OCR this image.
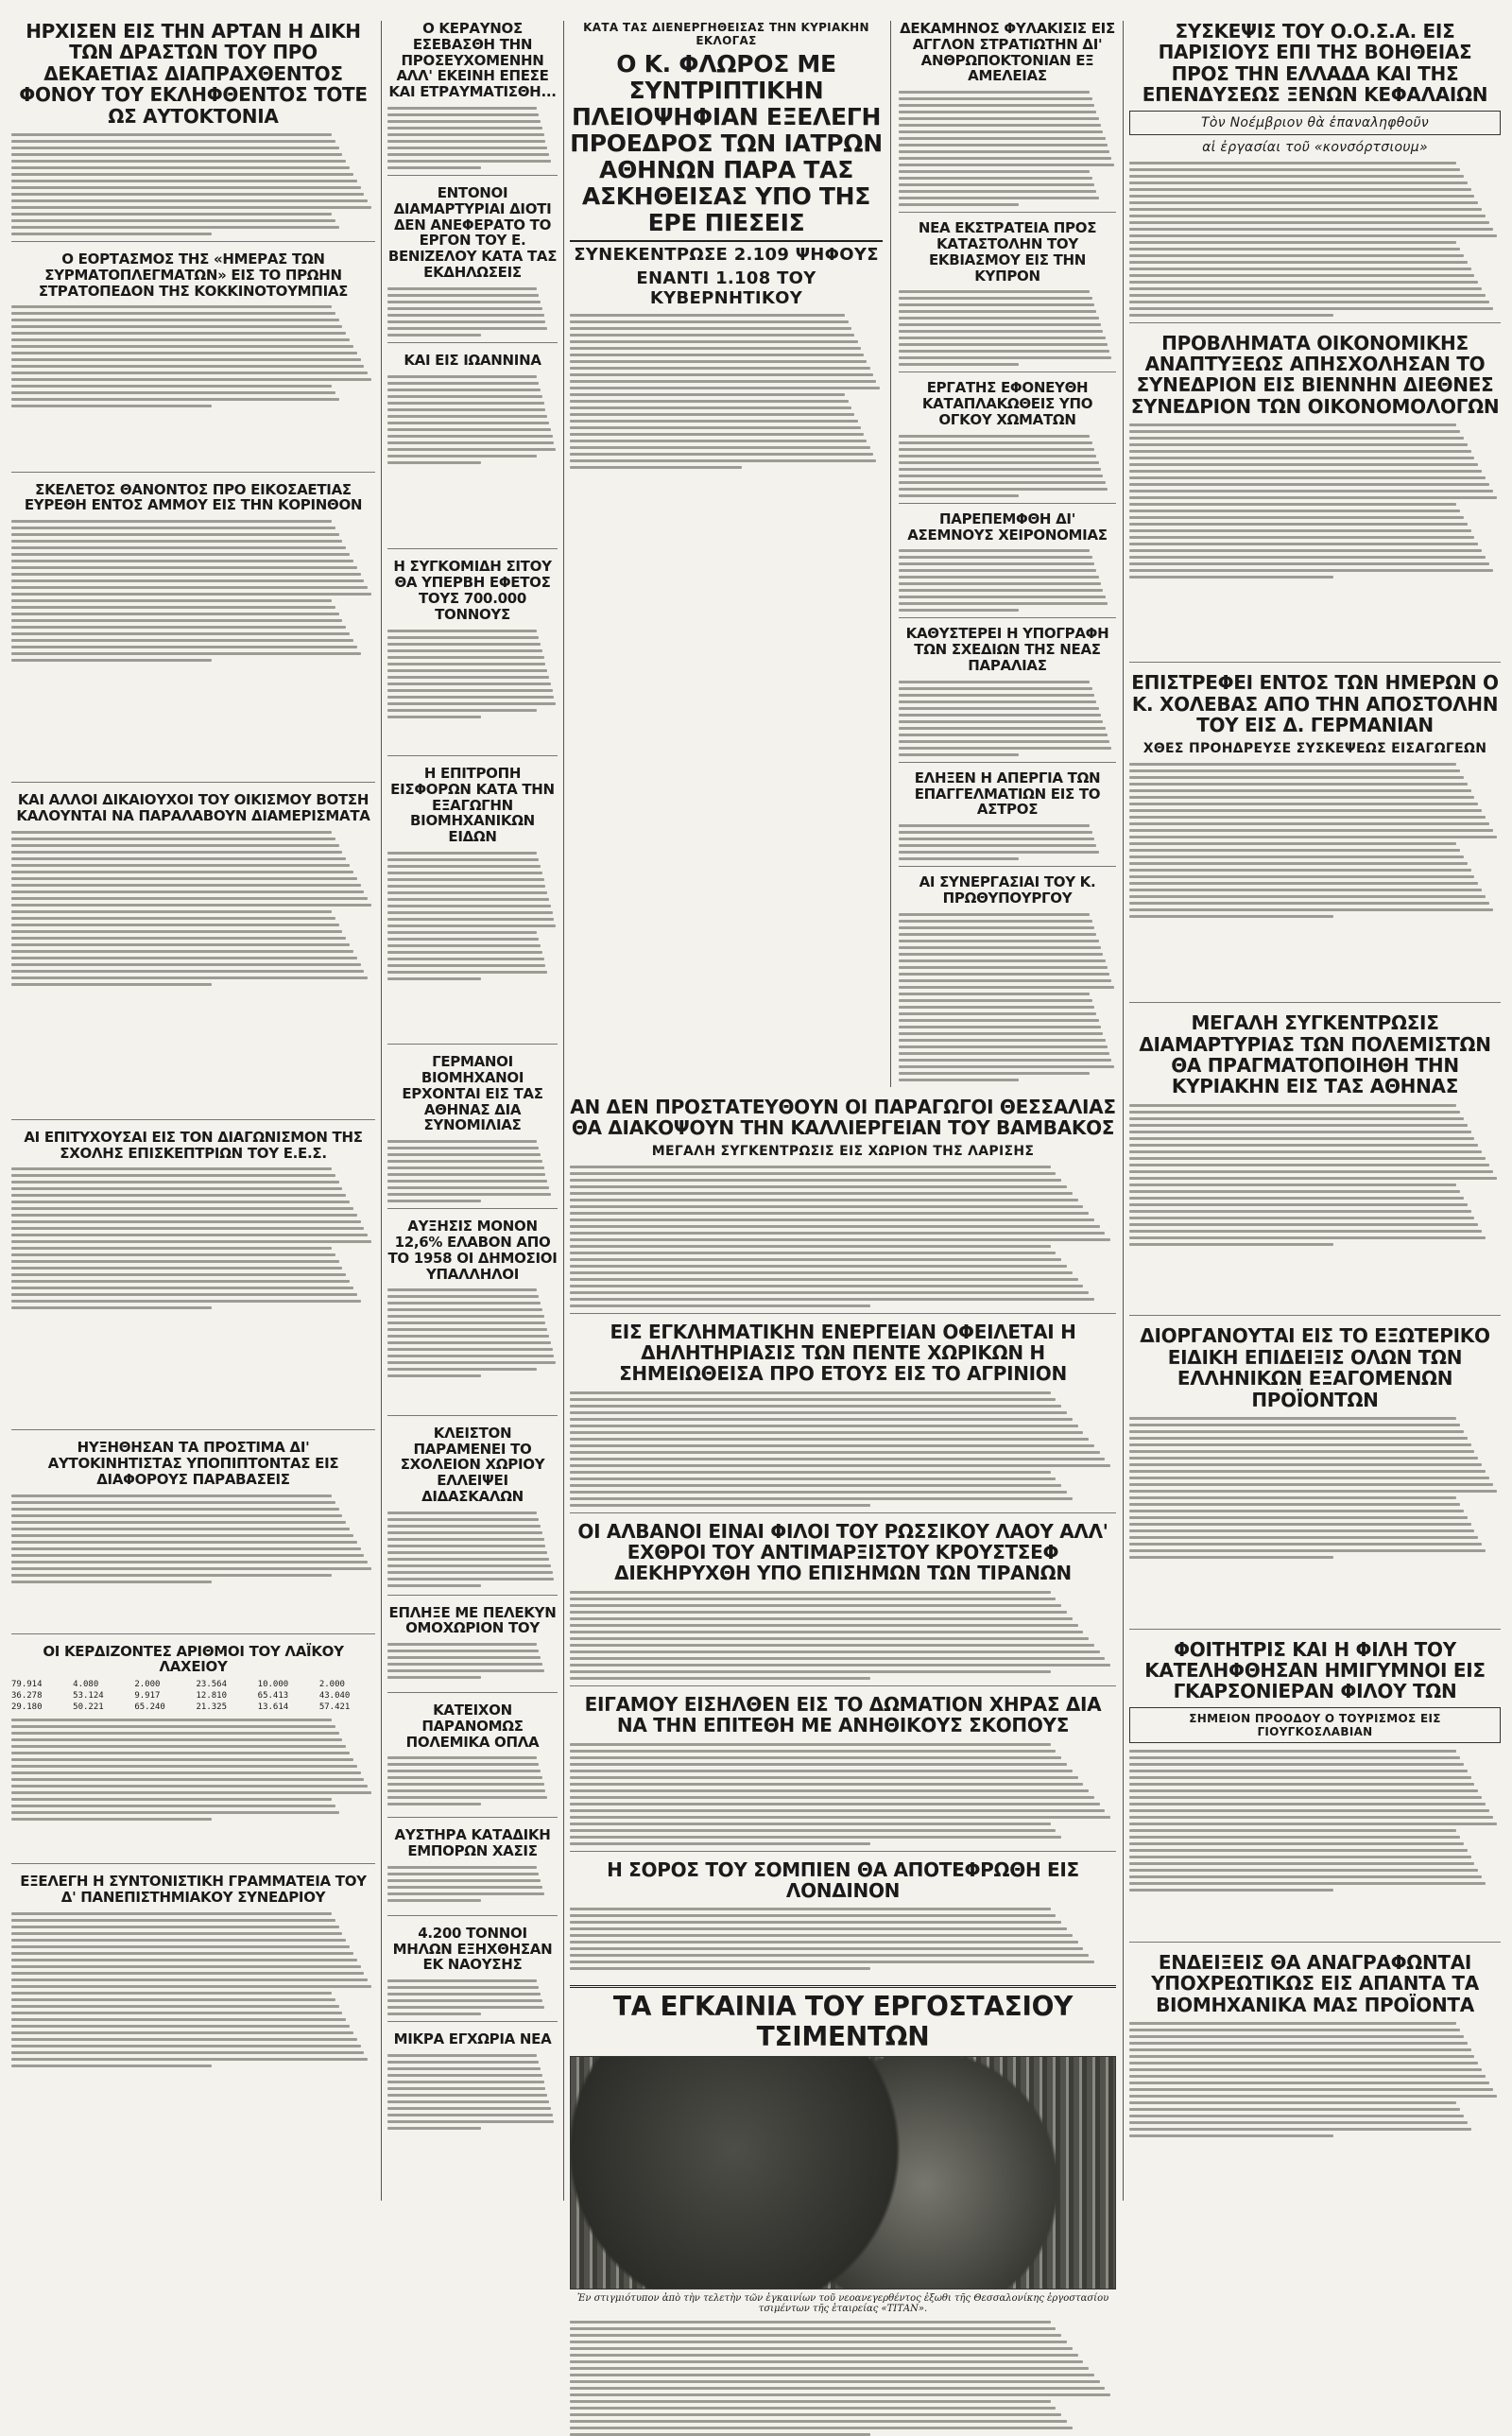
ΗΡΧΙΣΕΝ ΕΙΣ ΤΗΝ ΑΡΤΑΝ Η ΔΙΚΗ ΤΩΝ ΔΡΑΣΤΩΝ ΤΟΥ ΠΡΟ ΔΕΚΑΕΤΙΑΣ ΔΙΑΠΡΑΧΘΕΝΤΟΣ ΦΟΝΟΥ ΤΟΥ ΕΚΛΗΦΘΕΝΤΟΣ ΤΟΤΕ ΩΣ ΑΥΤΟΚΤΟΝΙΑ
Ο ΕΟΡΤΑΣΜΟΣ ΤΗΣ «ΗΜΕΡΑΣ ΤΩΝ ΣΥΡΜΑΤΟΠΛΕΓΜΑΤΩΝ» ΕΙΣ ΤΟ ΠΡΩΗΝ ΣΤΡΑΤΟΠΕΔΟΝ ΤΗΣ ΚΟΚΚΙΝΟΤΟΥΜΠΙΑΣ
ΣΚΕΛΕΤΟΣ ΘΑΝΟΝΤΟΣ ΠΡΟ ΕΙΚΟΣΑΕΤΙΑΣ ΕΥΡΕΘΗ ΕΝΤΟΣ ΑΜΜΟΥ ΕΙΣ ΤΗΝ ΚΟΡΙΝΘΟΝ
ΚΑΙ ΑΛΛΟΙ ΔΙΚΑΙΟΥΧΟΙ ΤΟΥ ΟΙΚΙΣΜΟΥ ΒΟΤΣΗ ΚΑΛΟΥΝΤΑΙ ΝΑ ΠΑΡΑΛΑΒΟΥΝ ΔΙΑΜΕΡΙΣΜΑΤΑ
ΑΙ ΕΠΙΤΥΧΟΥΣΑΙ ΕΙΣ ΤΟΝ ΔΙΑΓΩΝΙΣΜΟΝ ΤΗΣ ΣΧΟΛΗΣ ΕΠΙΣΚΕΠΤΡΙΩΝ ΤΟΥ Ε.Ε.Σ.
ΗΥΞΗΘΗΣΑΝ ΤΑ ΠΡΟΣΤΙΜΑ ΔΙ' ΑΥΤΟΚΙΝΗΤΙΣΤΑΣ ΥΠΟΠΙΠΤΟΝΤΑΣ ΕΙΣ ΔΙΑΦΟΡΟΥΣ ΠΑΡΑΒΑΣΕΙΣ
ΟΙ ΚΕΡΔΙΖΟΝΤΕΣ ΑΡΙΘΜΟΙ ΤΟΥ ΛΑΪΚΟΥ ΛΑΧΕΙΟΥ
79.914	4.080	2.000	23.564	10.000	2.000
36.278	53.124	9.917	12.810	65.413	43.040
29.180	50.221	65.240	21.325	13.614	57.421
ΕΞΕΛΕΓΗ Η ΣΥΝΤΟΝΙΣΤΙΚΗ ΓΡΑΜΜΑΤΕΙΑ ΤΟΥ Δ' ΠΑΝΕΠΙΣΤΗΜΙΑΚΟΥ ΣΥΝΕΔΡΙΟΥ
Ο ΚΕΡΑΥΝΟΣ ΕΣΕΒΑΣΘΗ ΤΗΝ ΠΡΟΣΕΥΧΟΜΕΝΗΝ ΑΛΛ' ΕΚΕΙΝΗ ΕΠΕΣΕ ΚΑΙ ΕΤΡΑΥΜΑΤΙΣΘΗ...
ΕΝΤΟΝΟΙ ΔΙΑΜΑΡΤΥΡΙΑΙ ΔΙΟΤΙ ΔΕΝ ΑΝΕΦΕΡΑΤΟ ΤΟ ΕΡΓΟΝ ΤΟΥ Ε. ΒΕΝΙΖΕΛΟΥ ΚΑΤΑ ΤΑΣ ΕΚΔΗΛΩΣΕΙΣ
ΚΑΙ ΕΙΣ ΙΩΑΝΝΙΝΑ
Η ΣΥΓΚΟΜΙΔΗ ΣΙΤΟΥ ΘΑ ΥΠΕΡΒΗ ΕΦΕΤΟΣ ΤΟΥΣ 700.000 ΤΟΝΝΟΥΣ
Η ΕΠΙΤΡΟΠΗ ΕΙΣΦΟΡΩΝ ΚΑΤΑ ΤΗΝ ΕΞΑΓΩΓΗΝ ΒΙΟΜΗΧΑΝΙΚΩΝ ΕΙΔΩΝ
ΓΕΡΜΑΝΟΙ ΒΙΟΜΗΧΑΝΟΙ ΕΡΧΟΝΤΑΙ ΕΙΣ ΤΑΣ ΑΘΗΝΑΣ ΔΙΑ ΣΥΝΟΜΙΛΙΑΣ
ΑΥΞΗΣΙΣ ΜΟΝΟΝ 12,6% ΕΛΑΒΟΝ ΑΠΟ ΤΟ 1958 ΟΙ ΔΗΜΟΣΙΟΙ ΥΠΑΛΛΗΛΟΙ
ΚΛΕΙΣΤΟΝ ΠΑΡΑΜΕΝΕΙ ΤΟ ΣΧΟΛΕΙΟΝ ΧΩΡΙΟΥ ΕΛΛΕΙΨΕΙ ΔΙΔΑΣΚΑΛΩΝ
ΕΠΛΗΞΕ ΜΕ ΠΕΛΕΚΥΝ ΟΜΟΧΩΡΙΟΝ ΤΟΥ
ΚΑΤΕΙΧΟΝ ΠΑΡΑΝΟΜΩΣ ΠΟΛΕΜΙΚΑ ΟΠΛΑ
ΑΥΣΤΗΡΑ ΚΑΤΑΔΙΚΗ ΕΜΠΟΡΩΝ ΧΑΣΙΣ
4.200 ΤΟΝΝΟΙ ΜΗΛΩΝ ΕΞΗΧΘΗΣΑΝ ΕΚ ΝΑΟΥΣΗΣ
ΜΙΚΡΑ ΕΓΧΩΡΙΑ ΝΕΑ

ΚΑΤΑ ΤΑΣ ΔΙΕΝΕΡΓΗΘΕΙΣΑΣ ΤΗΝ ΚΥΡΙΑΚΗΝ ΕΚΛΟΓΑΣ

Ο Κ. ΦΛΩΡΟΣ ΜΕ ΣΥΝΤΡΙΠΤΙΚΗΝ ΠΛΕΙΟΨΗΦΙΑΝ ΕΞΕΛΕΓΗ ΠΡΟΕΔΡΟΣ ΤΩΝ ΙΑΤΡΩΝ ΑΘΗΝΩΝ ΠΑΡΑ ΤΑΣ ΑΣΚΗΘΕΙΣΑΣ ΥΠΟ ΤΗΣ ΕΡΕ ΠΙΕΣΕΙΣ

ΣΥΝΕΚΕΝΤΡΩΣΕ 2.109 ΨΗΦΟΥΣ

ΕΝΑΝΤΙ 1.108 ΤΟΥ ΚΥΒΕΡΝΗΤΙΚΟΥ

ΔΕΚΑΜΗΝΟΣ ΦΥΛΑΚΙΣΙΣ ΕΙΣ ΑΓΓΛΟΝ ΣΤΡΑΤΙΩΤΗΝ ΔΙ' ΑΝΘΡΩΠΟΚΤΟΝΙΑΝ ΕΞ ΑΜΕΛΕΙΑΣ
ΝΕΑ ΕΚΣΤΡΑΤΕΙΑ ΠΡΟΣ ΚΑΤΑΣΤΟΛΗΝ ΤΟΥ ΕΚΒΙΑΣΜΟΥ ΕΙΣ ΤΗΝ ΚΥΠΡΟΝ
ΕΡΓΑΤΗΣ ΕΦΟΝΕΥΘΗ ΚΑΤΑΠΛΑΚΩΘΕΙΣ ΥΠΟ ΟΓΚΟΥ ΧΩΜΑΤΩΝ
ΠΑΡΕΠΕΜΦΘΗ ΔΙ' ΑΣΕΜΝΟΥΣ ΧΕΙΡΟΝΟΜΙΑΣ
ΚΑΘΥΣΤΕΡΕΙ Η ΥΠΟΓΡΑΦΗ ΤΩΝ ΣΧΕΔΙΩΝ ΤΗΣ ΝΕΑΣ ΠΑΡΑΛΙΑΣ
ΕΛΗΞΕΝ Η ΑΠΕΡΓΙΑ ΤΩΝ ΕΠΑΓΓΕΛΜΑΤΙΩΝ ΕΙΣ ΤΟ ΑΣΤΡΟΣ
ΑΙ ΣΥΝΕΡΓΑΣΙΑΙ ΤΟΥ Κ. ΠΡΩΘΥΠΟΥΡΓΟΥ
ΑΝ ΔΕΝ ΠΡΟΣΤΑΤΕΥΘΟΥΝ ΟΙ ΠΑΡΑΓΩΓΟΙ ΘΕΣΣΑΛΙΑΣ ΘΑ ΔΙΑΚΟΨΟΥΝ ΤΗΝ ΚΑΛΛΙΕΡΓΕΙΑΝ ΤΟΥ ΒΑΜΒΑΚΟΣ

ΜΕΓΑΛΗ ΣΥΓΚΕΝΤΡΩΣΙΣ ΕΙΣ ΧΩΡΙΟΝ ΤΗΣ ΛΑΡΙΣΗΣ

ΕΙΣ ΕΓΚΛΗΜΑΤΙΚΗΝ ΕΝΕΡΓΕΙΑΝ ΟΦΕΙΛΕΤΑΙ Η ΔΗΛΗΤΗΡΙΑΣΙΣ ΤΩΝ ΠΕΝΤΕ ΧΩΡΙΚΩΝ Η ΣΗΜΕΙΩΘΕΙΣΑ ΠΡΟ ΕΤΟΥΣ ΕΙΣ ΤΟ ΑΓΡΙΝΙΟΝ
ΟΙ ΑΛΒΑΝΟΙ ΕΙΝΑΙ ΦΙΛΟΙ ΤΟΥ ΡΩΣΣΙΚΟΥ ΛΑΟΥ ΑΛΛ' ΕΧΘΡΟΙ ΤΟΥ ΑΝΤΙΜΑΡΞΙΣΤΟΥ ΚΡΟΥΣΤΣΕΦ ΔΙΕΚΗΡΥΧΘΗ ΥΠΟ ΕΠΙΣΗΜΩΝ ΤΩΝ ΤΙΡΑΝΩΝ
ΕΙΓΑΜΟΥ ΕΙΣΗΛΘΕΝ ΕΙΣ ΤΟ ΔΩΜΑΤΙΟΝ ΧΗΡΑΣ ΔΙΑ ΝΑ ΤΗΝ ΕΠΙΤΕΘΗ ΜΕ ΑΝΗΘΙΚΟΥΣ ΣΚΟΠΟΥΣ
Η ΣΟΡΟΣ ΤΟΥ ΣΟΜΠΙΕΝ ΘΑ ΑΠΟΤΕΦΡΩΘΗ ΕΙΣ ΛΟΝΔΙΝΟΝ
ΤΑ ΕΓΚΑΙΝΙΑ ΤΟΥ ΕΡΓΟΣΤΑΣΙΟΥ ΤΣΙΜΕΝΤΩΝ

Ἐν στιγμιότυπον ἀπὸ τὴν τελετὴν τῶν ἐγκαινίων τοῦ νεοανεγερθέντος ἐξωθι τῆς Θεσσαλονίκης ἐργοστασίου τσιμέντων τῆς ἑταιρείας «ΤΙΤΑΝ».

ΣΥΣΚΕΨΙΣ ΤΟΥ Ο.Ο.Σ.Α. ΕΙΣ ΠΑΡΙΣΙΟΥΣ ΕΠΙ ΤΗΣ ΒΟΗΘΕΙΑΣ ΠΡΟΣ ΤΗΝ ΕΛΛΑΔΑ ΚΑΙ ΤΗΣ ΕΠΕΝΔΥΣΕΩΣ ΞΕΝΩΝ ΚΕΦΑΛΑΙΩΝ

Τὸν Νοέμβριον θὰ ἐπαναληφθοῦν

αἱ ἐργασίαι τοῦ «κονσόρτσιουμ»

ΠΡΟΒΛΗΜΑΤΑ ΟΙΚΟΝΟΜΙΚΗΣ ΑΝΑΠΤΥΞΕΩΣ ΑΠΗΣΧΟΛΗΣΑΝ ΤΟ ΣΥΝΕΔΡΙΟΝ ΕΙΣ ΒΙΕΝΝΗΝ ΔΙΕΘΝΕΣ ΣΥΝΕΔΡΙΟΝ ΤΩΝ ΟΙΚΟΝΟΜΟΛΟΓΩΝ
ΕΠΙΣΤΡΕΦΕΙ ΕΝΤΟΣ ΤΩΝ ΗΜΕΡΩΝ Ο Κ. ΧΟΛΕΒΑΣ ΑΠΟ ΤΗΝ ΑΠΟΣΤΟΛΗΝ ΤΟΥ ΕΙΣ Δ. ΓΕΡΜΑΝΙΑΝ

ΧΘΕΣ ΠΡΟΗΔΡΕΥΣΕ ΣΥΣΚΕΨΕΩΣ ΕΙΣΑΓΩΓΕΩΝ

ΜΕΓΑΛΗ ΣΥΓΚΕΝΤΡΩΣΙΣ ΔΙΑΜΑΡΤΥΡΙΑΣ ΤΩΝ ΠΟΛΕΜΙΣΤΩΝ ΘΑ ΠΡΑΓΜΑΤΟΠΟΙΗΘΗ ΤΗΝ ΚΥΡΙΑΚΗΝ ΕΙΣ ΤΑΣ ΑΘΗΝΑΣ
ΔΙΟΡΓΑΝΟΥΤΑΙ ΕΙΣ ΤΟ ΕΞΩΤΕΡΙΚΟ ΕΙΔΙΚΗ ΕΠΙΔΕΙΞΙΣ ΟΛΩΝ ΤΩΝ ΕΛΛΗΝΙΚΩΝ ΕΞΑΓΟΜΕΝΩΝ ΠΡΟΪΟΝΤΩΝ
ΦΟΙΤΗΤΡΙΣ ΚΑΙ Η ΦΙΛΗ ΤΟΥ ΚΑΤΕΛΗΦΘΗΣΑΝ ΗΜΙΓΥΜΝΟΙ ΕΙΣ ΓΚΑΡΣΟΝΙΕΡΑΝ ΦΙΛΟΥ ΤΩΝ

ΣΗΜΕΙΟΝ ΠΡΟΟΔΟΥ Ο ΤΟΥΡΙΣΜΟΣ ΕΙΣ ΓΙΟΥΓΚΟΣΛΑΒΙΑΝ

ΕΝΔΕΙΞΕΙΣ ΘΑ ΑΝΑΓΡΑΦΩΝΤΑΙ ΥΠΟΧΡΕΩΤΙΚΩΣ ΕΙΣ ΑΠΑΝΤΑ ΤΑ ΒΙΟΜΗΧΑΝΙΚΑ ΜΑΣ ΠΡΟΪΟΝΤΑ
